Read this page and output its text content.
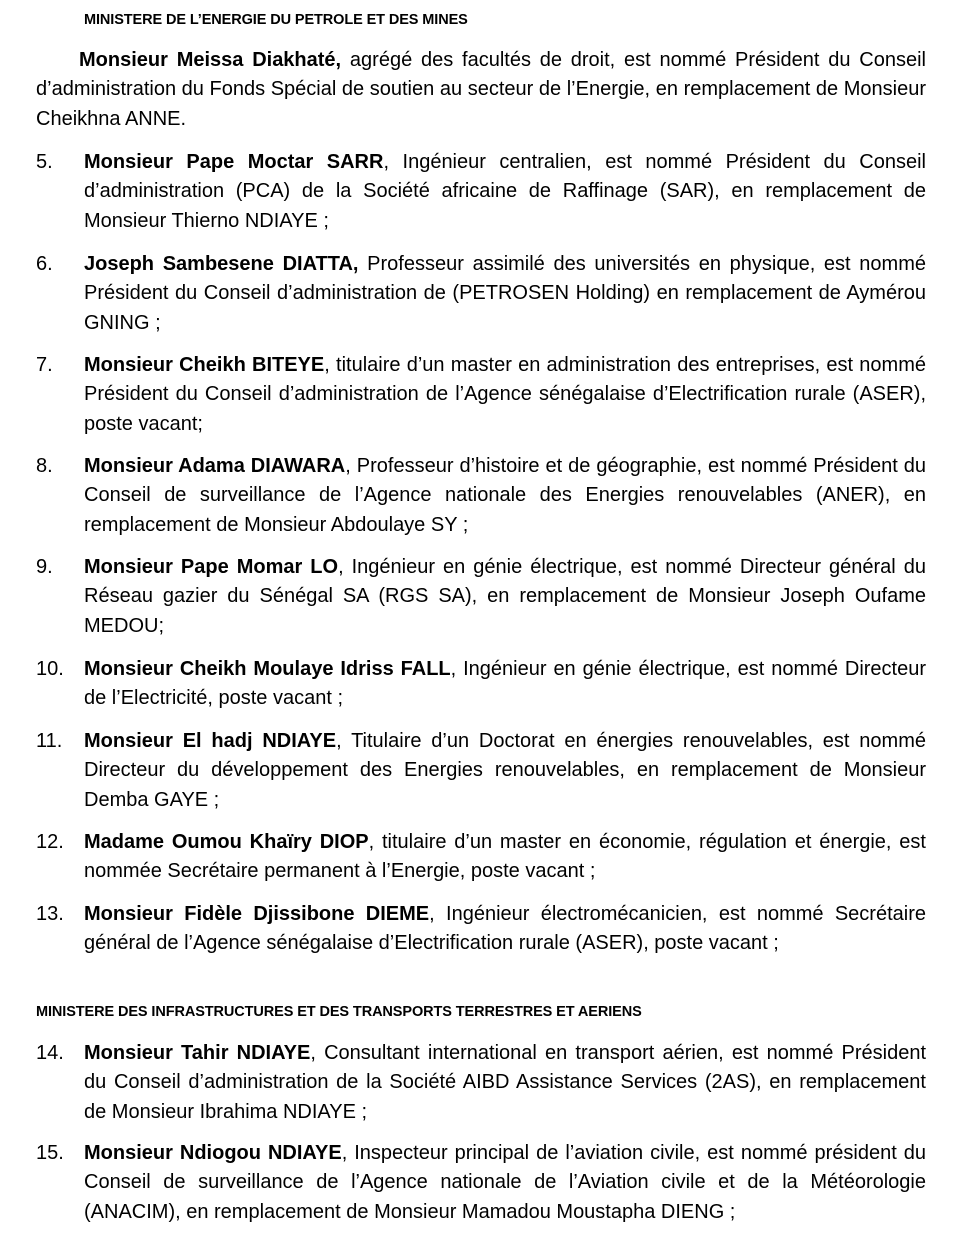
MINISTERE DE L’ENERGIE DU PETROLE ET DES MINES

Monsieur Meissa Diakhaté, agrégé des facultés de droit, est nommé Président du Conseil d’administration du Fonds Spécial de soutien au secteur de l’Energie, en remplacement de Monsieur Cheikhna ANNE.

5. Monsieur Pape Moctar SARR, Ingénieur centralien, est nommé Président du Conseil d’administration (PCA) de la Société africaine de Raffinage (SAR), en remplacement de Monsieur Thierno NDIAYE ;
6. Joseph Sambesene DIATTA, Professeur assimilé des universités en physique, est nommé Président du Conseil d’administration de (PETROSEN Holding) en remplacement de Aymérou GNING ;
7. Monsieur Cheikh BITEYE, titulaire d’un master en administration des entreprises, est nommé Président du Conseil d’administration de l’Agence sénégalaise d’Electrification rurale (ASER), poste vacant;
8. Monsieur Adama DIAWARA, Professeur d’histoire et de géographie, est nommé Président du Conseil de surveillance de l’Agence nationale des Energies renouvelables (ANER), en remplacement de Monsieur Abdoulaye SY ;
9. Monsieur Pape Momar LO, Ingénieur en génie électrique, est nommé Directeur général du Réseau gazier du Sénégal SA (RGS SA), en remplacement de Monsieur Joseph Oufame MEDOU;
10. Monsieur Cheikh Moulaye Idriss FALL, Ingénieur en génie électrique, est nommé Directeur de l’Electricité, poste vacant ;
11. Monsieur El hadj NDIAYE, Titulaire d’un Doctorat en énergies renouvelables, est nommé Directeur du développement des Energies renouvelables, en remplacement de Monsieur Demba GAYE ;
12. Madame Oumou Khaïry DIOP, titulaire d’un master en économie, régulation et énergie, est nommée Secrétaire permanent à l’Energie, poste vacant ;
13. Monsieur Fidèle Djissibone DIEME, Ingénieur électromécanicien, est nommé Secrétaire général de l’Agence sénégalaise d’Electrification rurale (ASER), poste vacant ;
MINISTERE DES INFRASTRUCTURES ET DES TRANSPORTS TERRESTRES ET AERIENS
14. Monsieur Tahir NDIAYE, Consultant international en transport aérien, est nommé Président du Conseil d’administration de la Société AIBD Assistance Services (2AS), en remplacement de Monsieur Ibrahima NDIAYE ;
15. Monsieur Ndiogou NDIAYE, Inspecteur principal de l’aviation civile, est nommé président du Conseil de surveillance de l’Agence nationale de l’Aviation civile et de la Météorologie (ANACIM), en remplacement de Monsieur Mamadou Moustapha DIENG ;
